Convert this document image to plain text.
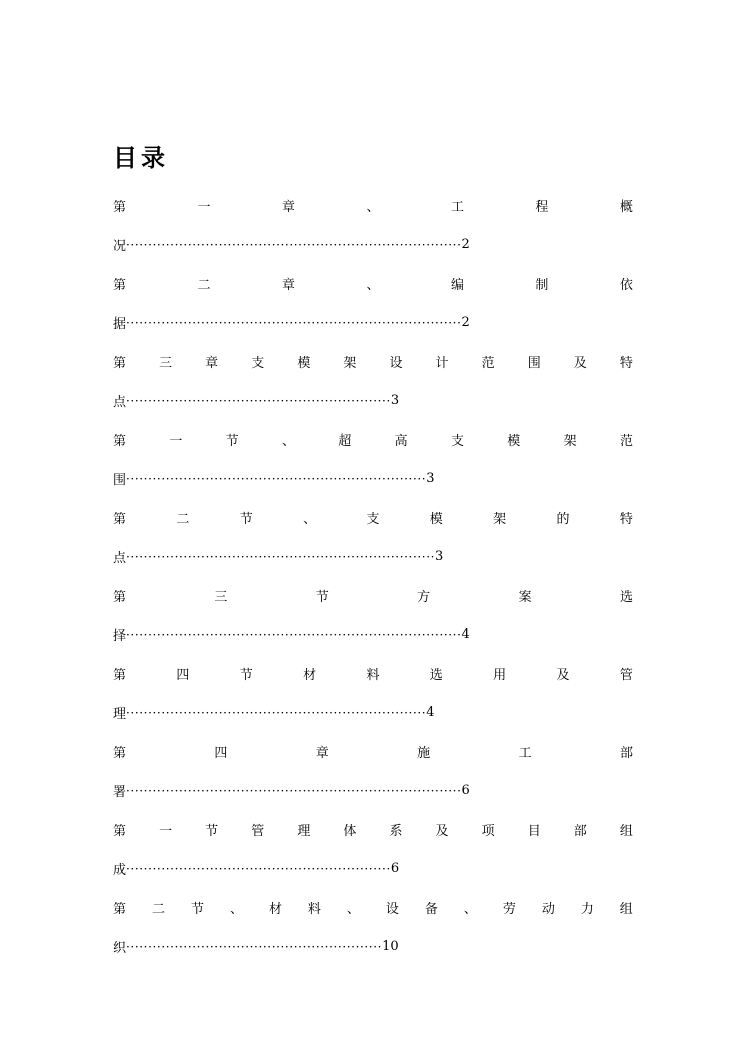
目录
第	一	章	、	工	程	概
况 ············································································ 2
第	二	章	、	编	制	依
据 ············································································ 2
第	三	章	支	模	架	设	计	范	围	及	特
点 ···························································· 3
第	一	节	、	超	高	支	模	架	范
围 ···································································· 3
第	二	节	、	支	模	架	的	特
点 ······································································ 3
第	三	节	方	案	选
择 ············································································ 4
第	四	节	材	料	选	用	及	管
理 ···································································· 4
第	四	章	施	工	部
署 ············································································ 6
第	一	节	管	理	体	系	及	项	目	部	组
成 ···························································· 6
第 二 节 、 材 料 、 设 备 、 劳 动 力 组
织 ·························································· 10
